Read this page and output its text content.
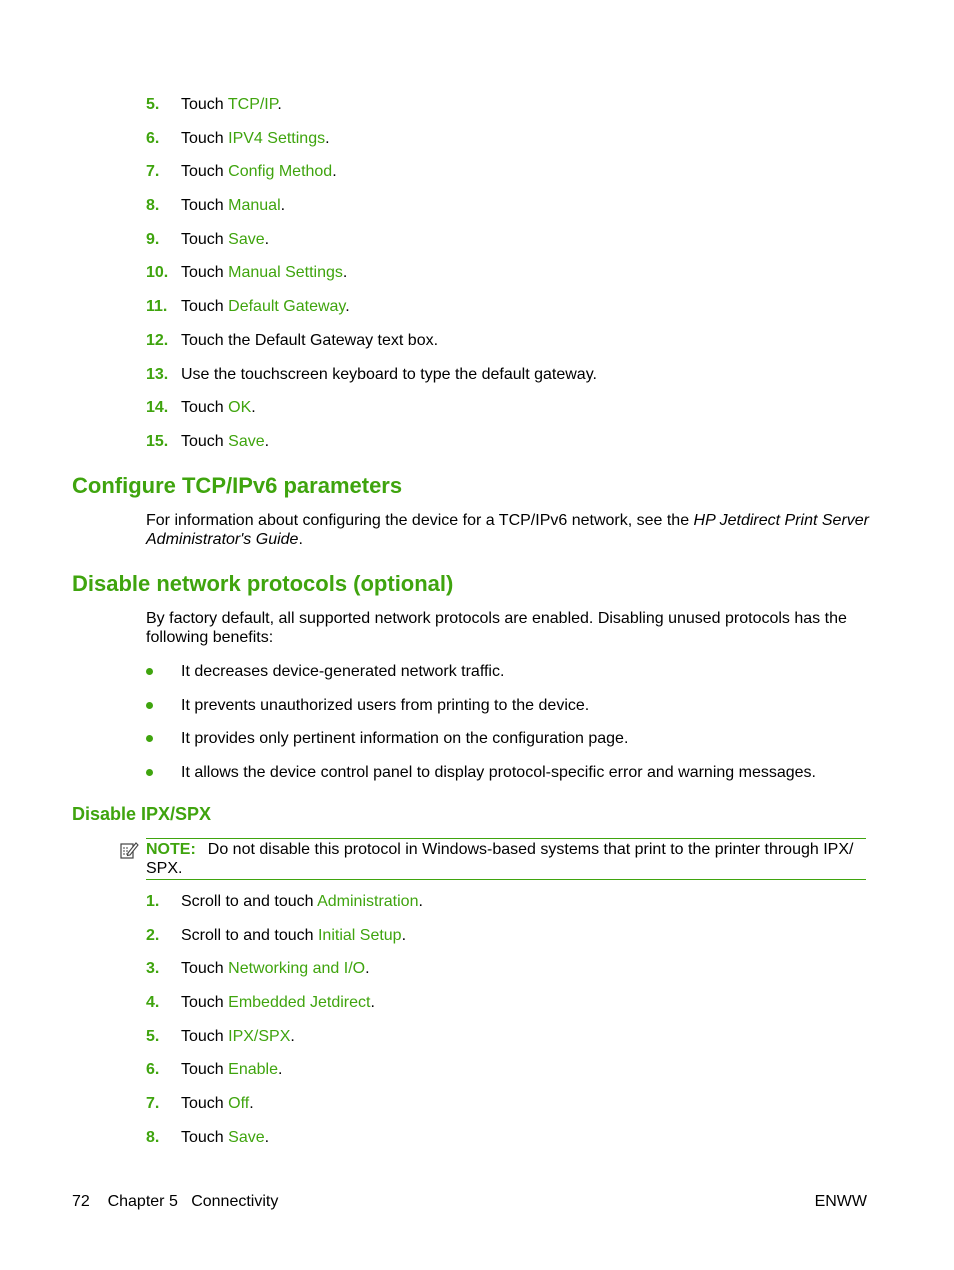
5. Touch TCP/IP.
6. Touch IPV4 Settings.
7. Touch Config Method.
8. Touch Manual.
9. Touch Save.
10. Touch Manual Settings.
11. Touch Default Gateway.
12. Touch the Default Gateway text box.
13. Use the touchscreen keyboard to type the default gateway.
14. Touch OK.
15. Touch Save.
Configure TCP/IPv6 parameters

For information about configuring the device for a TCP/IPv6 network, see the HP Jetdirect Print Server Administrator's Guide.

Disable network protocols (optional)

By factory default, all supported network protocols are enabled. Disabling unused protocols has the following benefits:

It decreases device-generated network traffic.
It prevents unauthorized users from printing to the device.
It provides only pertinent information on the configuration page.
It allows the device control panel to display protocol-specific error and warning messages.
Disable IPX/SPX
NOTE: Do not disable this protocol in Windows-based systems that print to the printer through IPX/ SPX.
1. Scroll to and touch Administration.
2. Scroll to and touch Initial Setup.
3. Touch Networking and I/O.
4. Touch Embedded Jetdirect.
5. Touch IPX/SPX.
6. Touch Enable.
7. Touch Off.
8. Touch Save.
72 Chapter 5 Connectivity	ENWW
